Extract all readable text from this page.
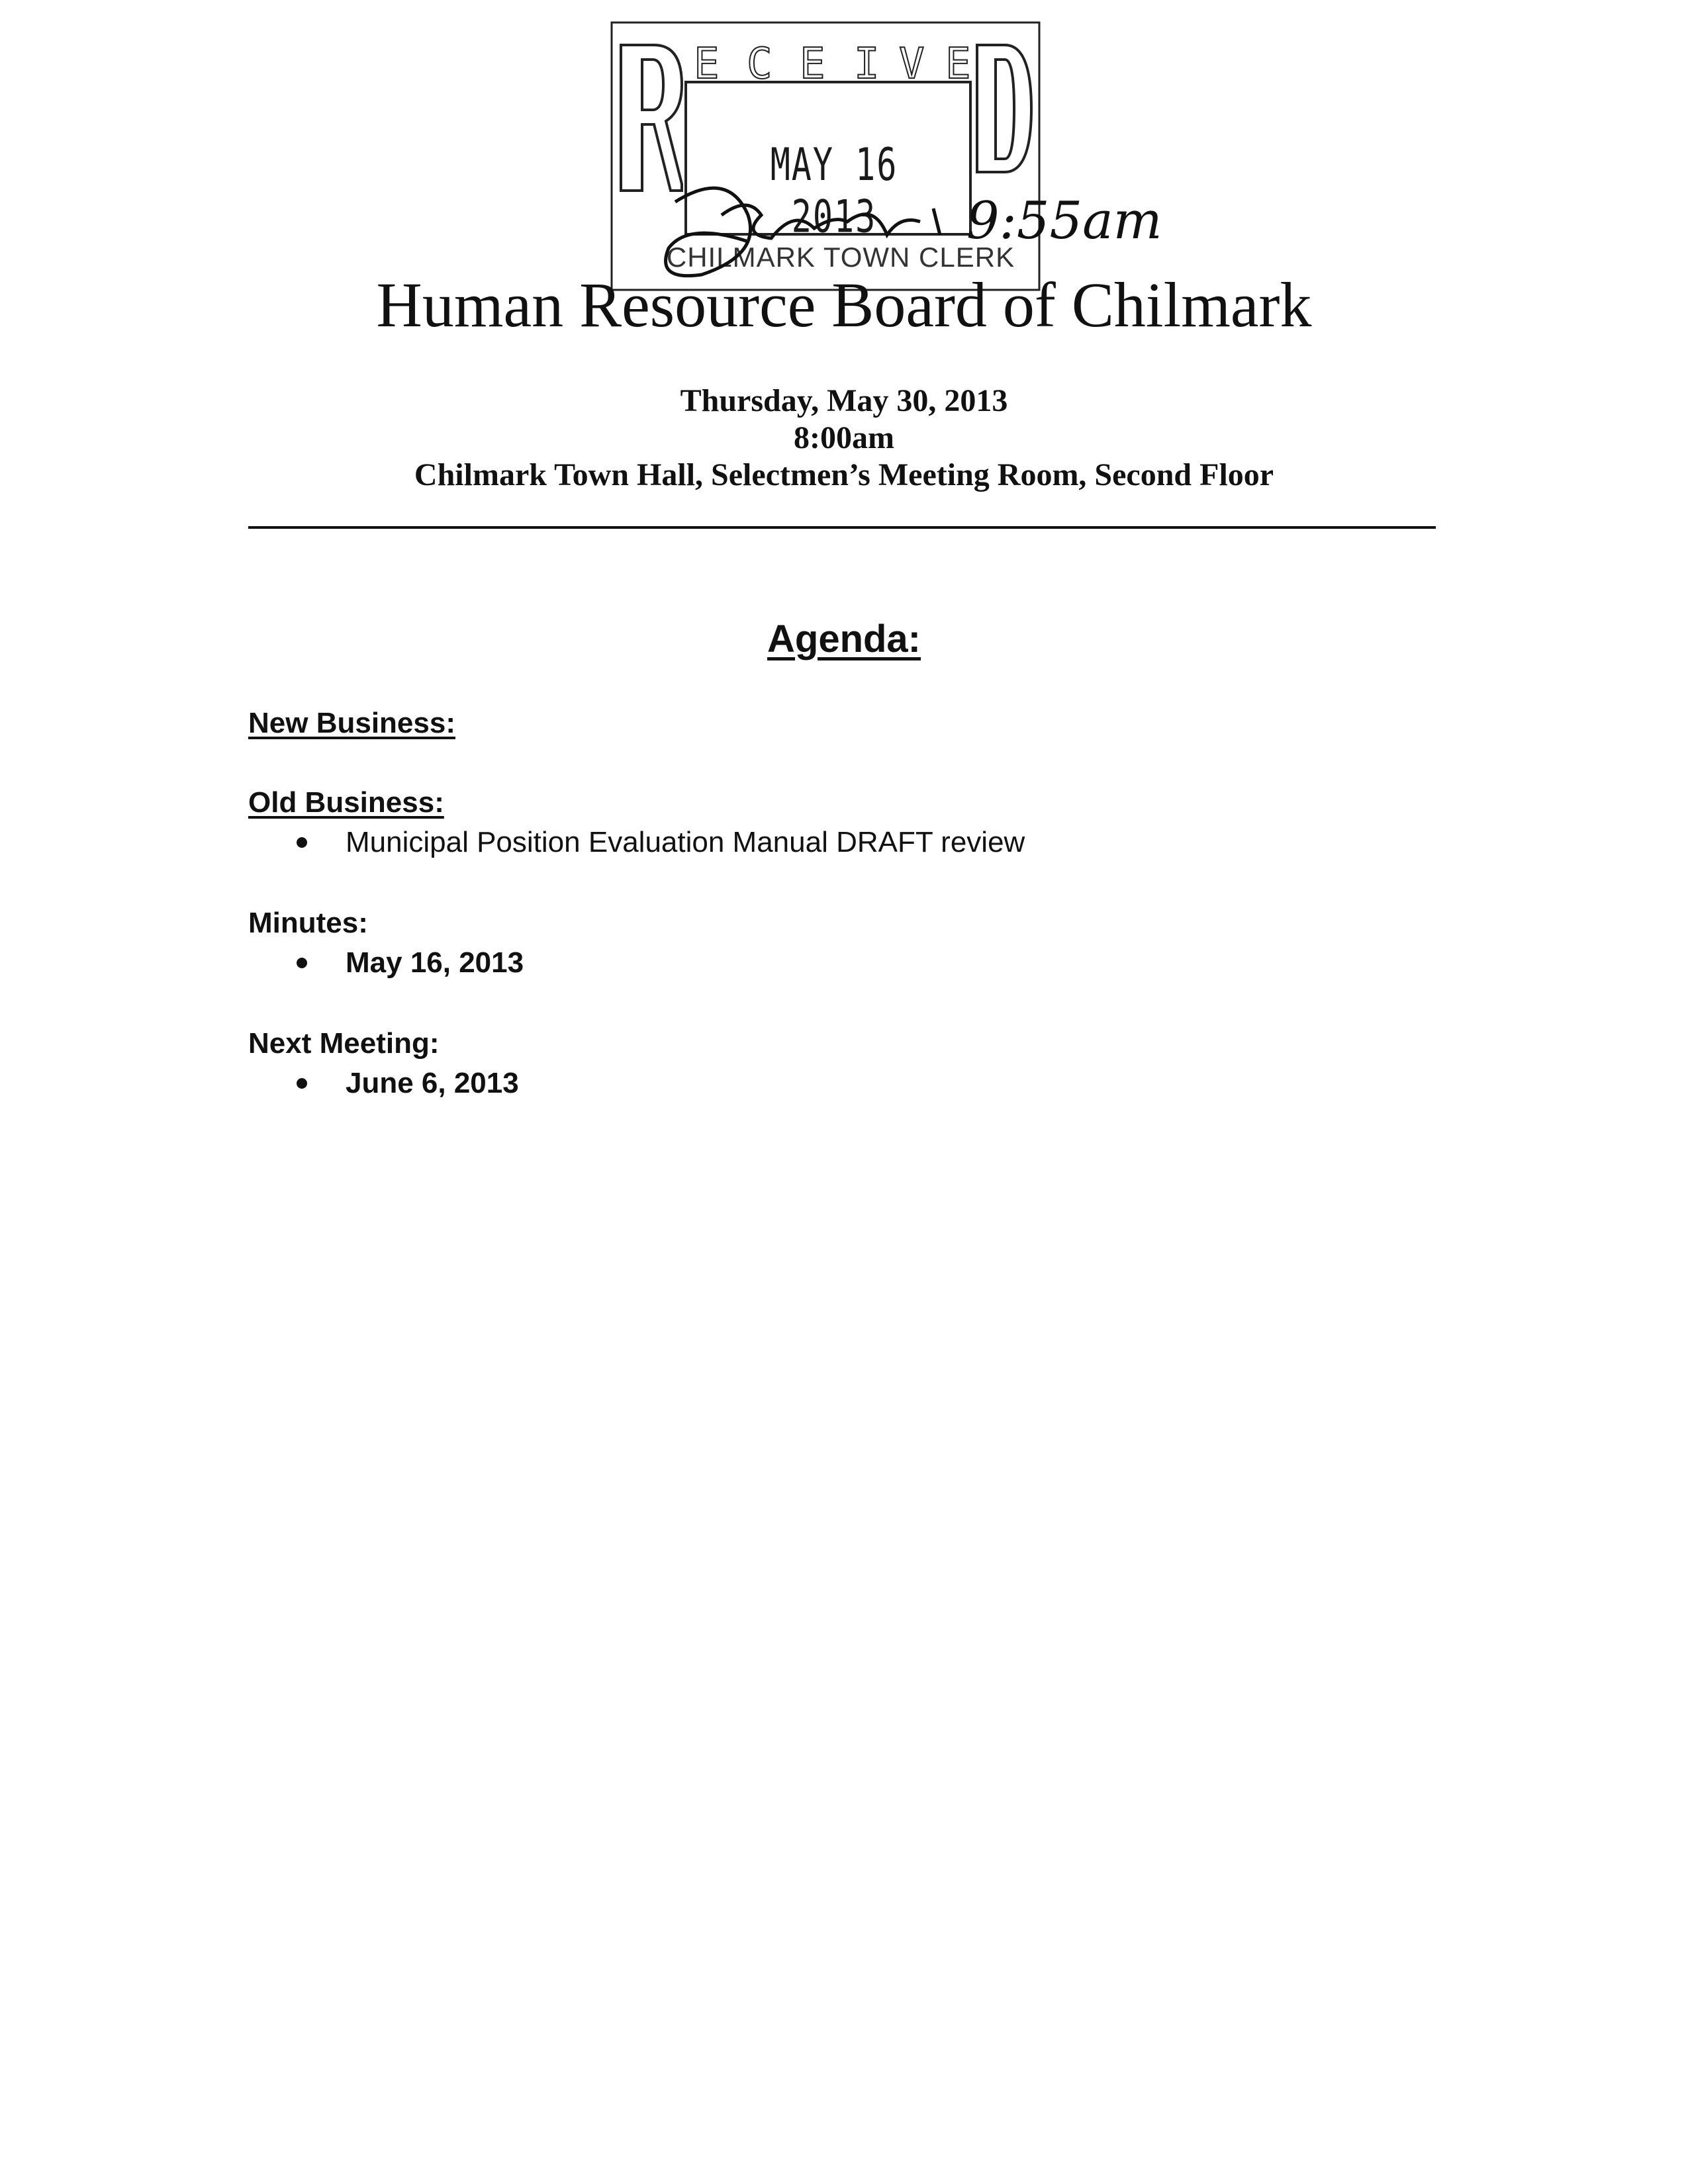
E C E I V E
MAY 16 2013
CHILMARK TOWN CLERK
9:55am
Human Resource Board of Chilmark
Thursday, May 30, 2013
8:00am
Chilmark Town Hall, Selectmen’s Meeting Room, Second Floor
Agenda:
New Business:
Old Business:
Municipal Position Evaluation Manual DRAFT review
Minutes:
May 16, 2013
Next Meeting:
June 6, 2013
